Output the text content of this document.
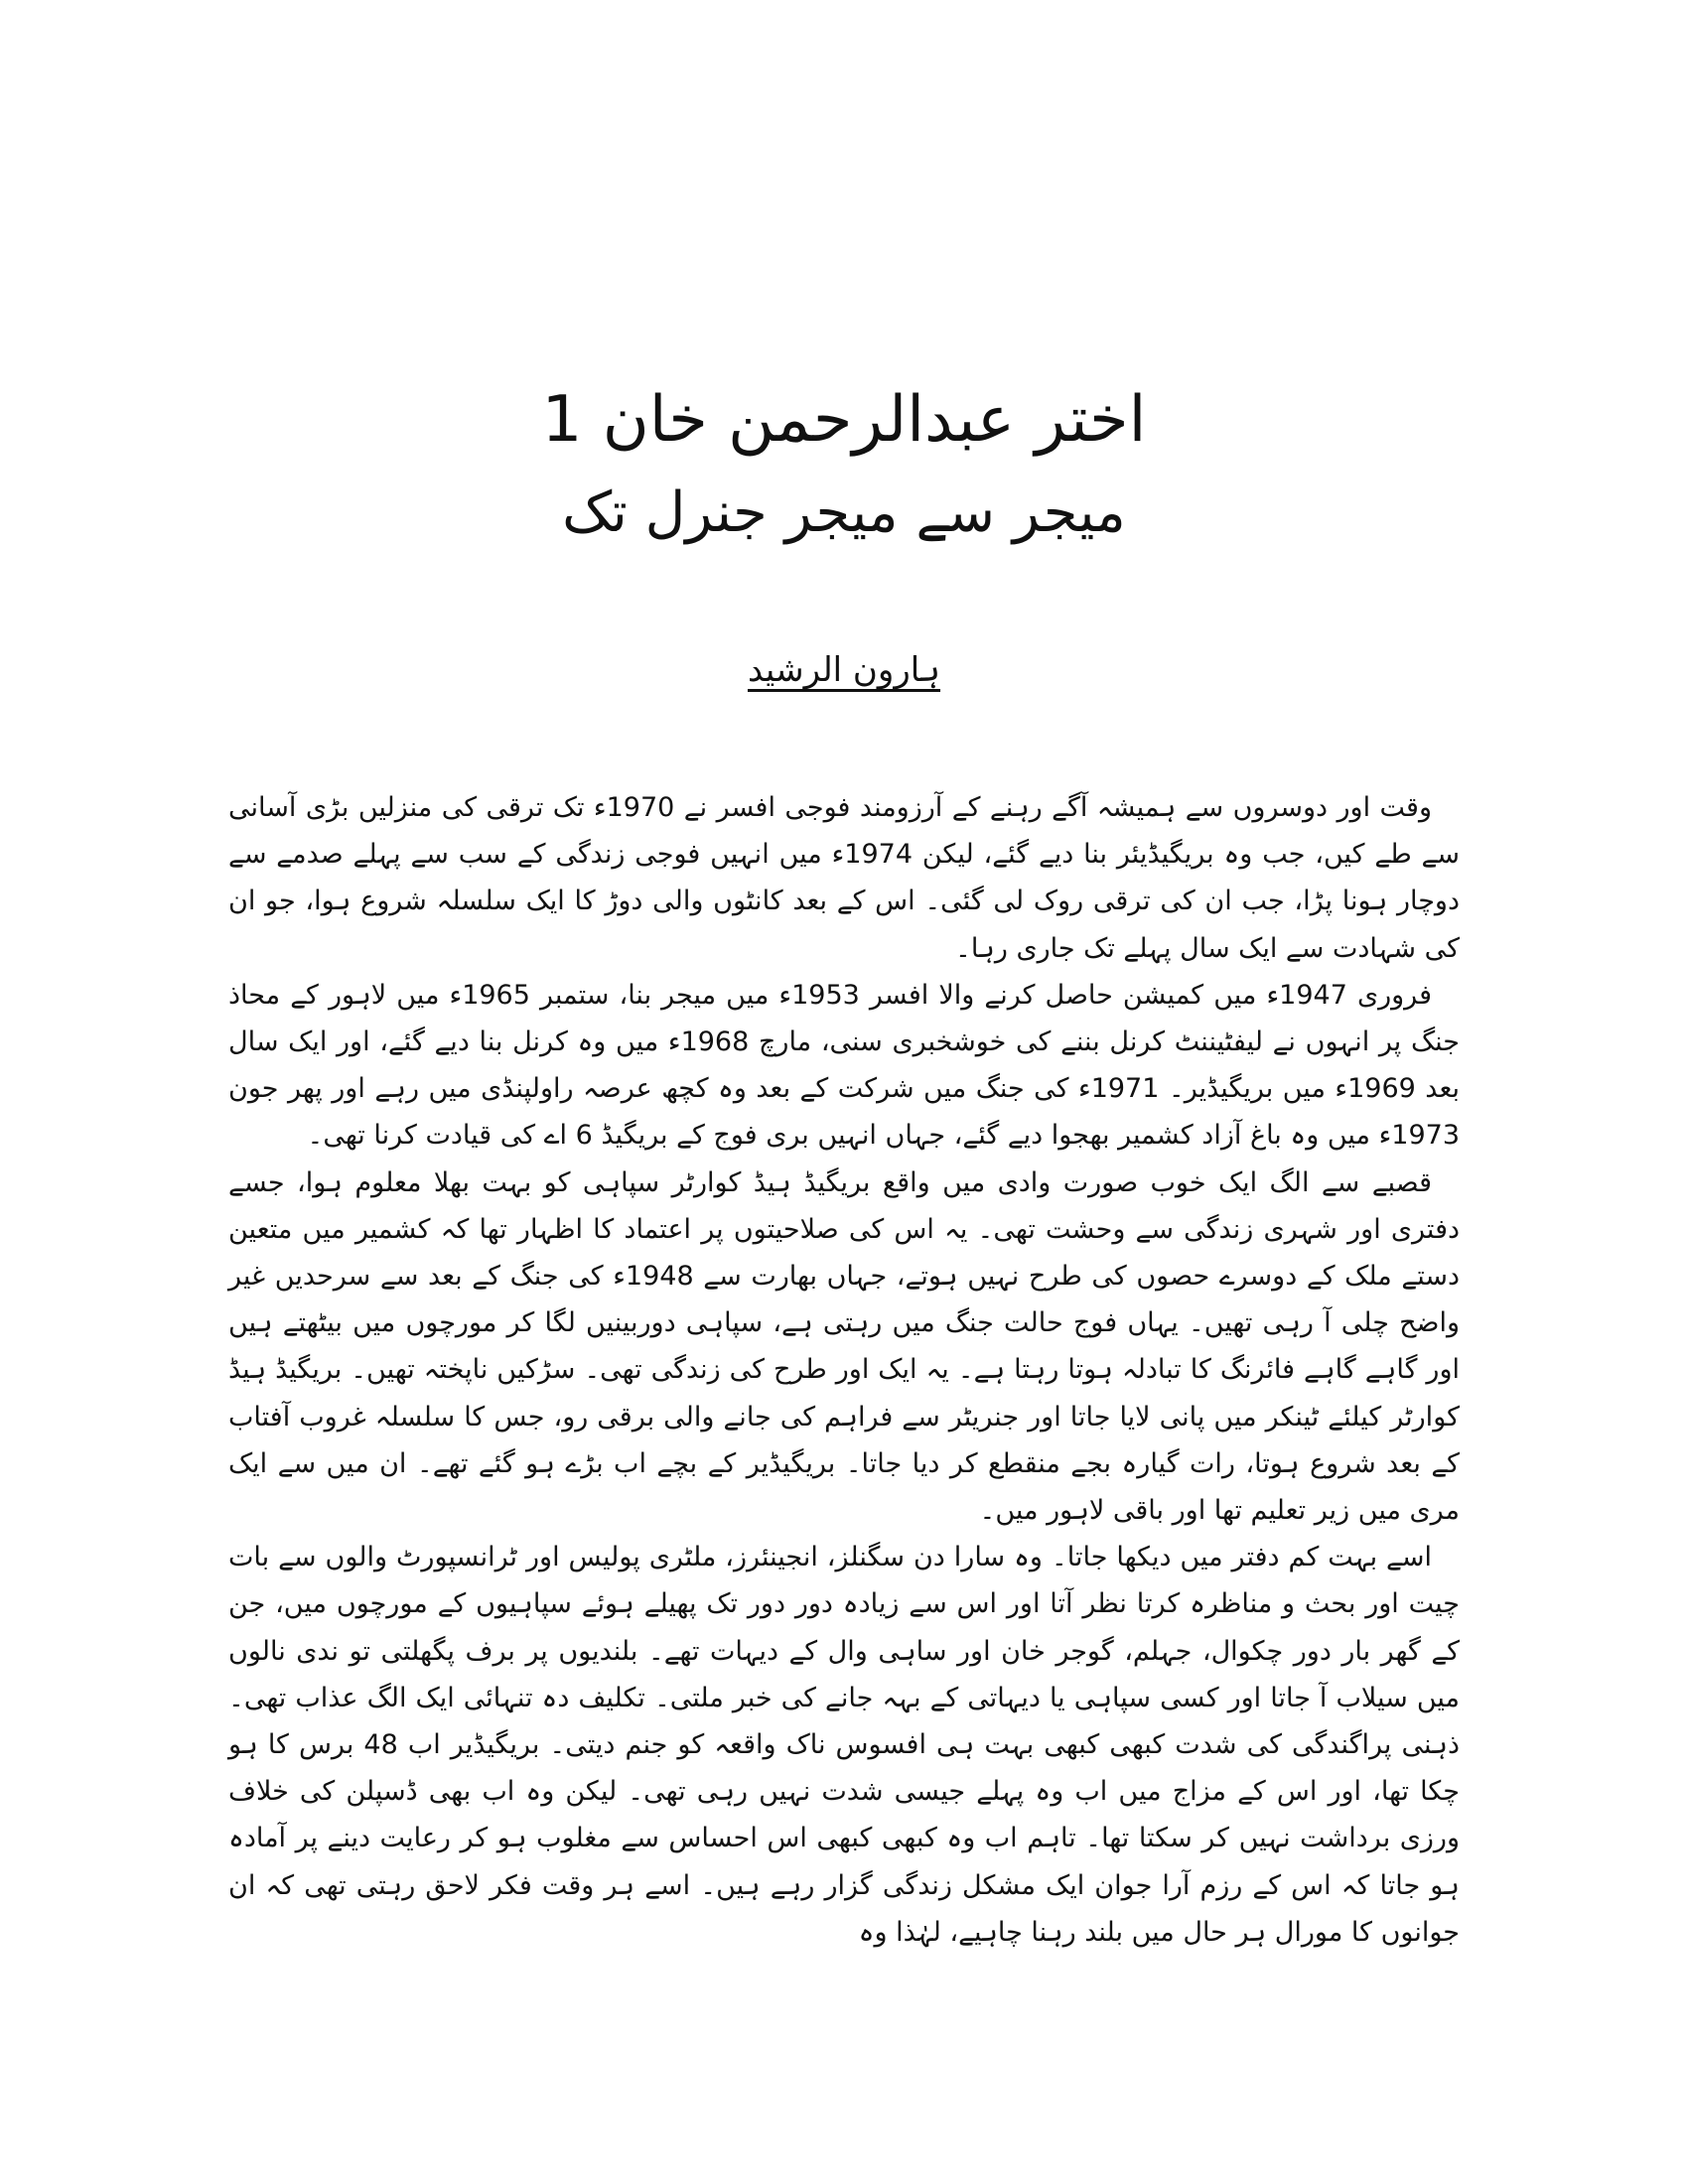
اختر عبدالرحمن خان 1
میجر سے میجر جنرل تک
ہارون الرشید

وقت اور دوسروں سے ہمیشہ آگے رہنے کے آرزومند فوجی افسر نے 1970ء تک ترقی کی منزلیں بڑی آسانی سے طے کیں، جب وہ بریگیڈیئر بنا دیے گئے، لیکن 1974ء میں انہیں فوجی زندگی کے سب سے پہلے صدمے سے دوچار ہونا پڑا، جب ان کی ترقی روک لی گئی۔ اس کے بعد کانٹوں والی دوڑ کا ایک سلسلہ شروع ہوا، جو ان کی شہادت سے ایک سال پہلے تک جاری رہا۔

فروری 1947ء میں کمیشن حاصل کرنے والا افسر 1953ء میں میجر بنا، ستمبر 1965ء میں لاہور کے محاذ جنگ پر انہوں نے لیفٹیننٹ کرنل بننے کی خوشخبری سنی، مارچ 1968ء میں وہ کرنل بنا دیے گئے، اور ایک سال بعد 1969ء میں بریگیڈیر۔ 1971ء کی جنگ میں شرکت کے بعد وہ کچھ عرصہ راولپنڈی میں رہے اور پھر جون 1973ء میں وہ باغ آزاد کشمیر بھجوا دیے گئے، جہاں انہیں بری فوج کے بریگیڈ 6 اے کی قیادت کرنا تھی۔

قصبے سے الگ ایک خوب صورت وادی میں واقع بریگیڈ ہیڈ کوارٹر سپاہی کو بہت بھلا معلوم ہوا، جسے دفتری اور شہری زندگی سے وحشت تھی۔ یہ اس کی صلاحیتوں پر اعتماد کا اظہار تھا کہ کشمیر میں متعین دستے ملک کے دوسرے حصوں کی طرح نہیں ہوتے، جہاں بھارت سے 1948ء کی جنگ کے بعد سے سرحدیں غیر واضح چلی آ رہی تھیں۔ یہاں فوج حالت جنگ میں رہتی ہے، سپاہی دوربینیں لگا کر مورچوں میں بیٹھتے ہیں اور گاہے گاہے فائرنگ کا تبادلہ ہوتا رہتا ہے۔ یہ ایک اور طرح کی زندگی تھی۔ سڑکیں ناپختہ تھیں۔ بریگیڈ ہیڈ کوارٹر کیلئے ٹینکر میں پانی لایا جاتا اور جنریٹر سے فراہم کی جانے والی برقی رو، جس کا سلسلہ غروب آفتاب کے بعد شروع ہوتا، رات گیارہ بجے منقطع کر دیا جاتا۔ بریگیڈیر کے بچے اب بڑے ہو گئے تھے۔ ان میں سے ایک مری میں زیر تعلیم تھا اور باقی لاہور میں۔

اسے بہت کم دفتر میں دیکھا جاتا۔ وہ سارا دن سگنلز، انجینئرز، ملٹری پولیس اور ٹرانسپورٹ والوں سے بات چیت اور بحث و مناظرہ کرتا نظر آتا اور اس سے زیادہ دور دور تک پھیلے ہوئے سپاہیوں کے مورچوں میں، جن کے گھر بار دور چکوال، جہلم، گوجر خان اور ساہی وال کے دیہات تھے۔ بلندیوں پر برف پگھلتی تو ندی نالوں میں سیلاب آ جاتا اور کسی سپاہی یا دیہاتی کے بہہ جانے کی خبر ملتی۔ تکلیف دہ تنہائی ایک الگ عذاب تھی۔ ذہنی پراگندگی کی شدت کبھی کبھی بہت ہی افسوس ناک واقعہ کو جنم دیتی۔ بریگیڈیر اب 48 برس کا ہو چکا تھا، اور اس کے مزاج میں اب وہ پہلے جیسی شدت نہیں رہی تھی۔ لیکن وہ اب بھی ڈسپلن کی خلاف ورزی برداشت نہیں کر سکتا تھا۔ تاہم اب وہ کبھی کبھی اس احساس سے مغلوب ہو کر رعایت دینے پر آمادہ ہو جاتا کہ اس کے رزم آرا جوان ایک مشکل زندگی گزار رہے ہیں۔ اسے ہر وقت فکر لاحق رہتی تھی کہ ان جوانوں کا مورال ہر حال میں بلند رہنا چاہیے، لہٰذا وہ
